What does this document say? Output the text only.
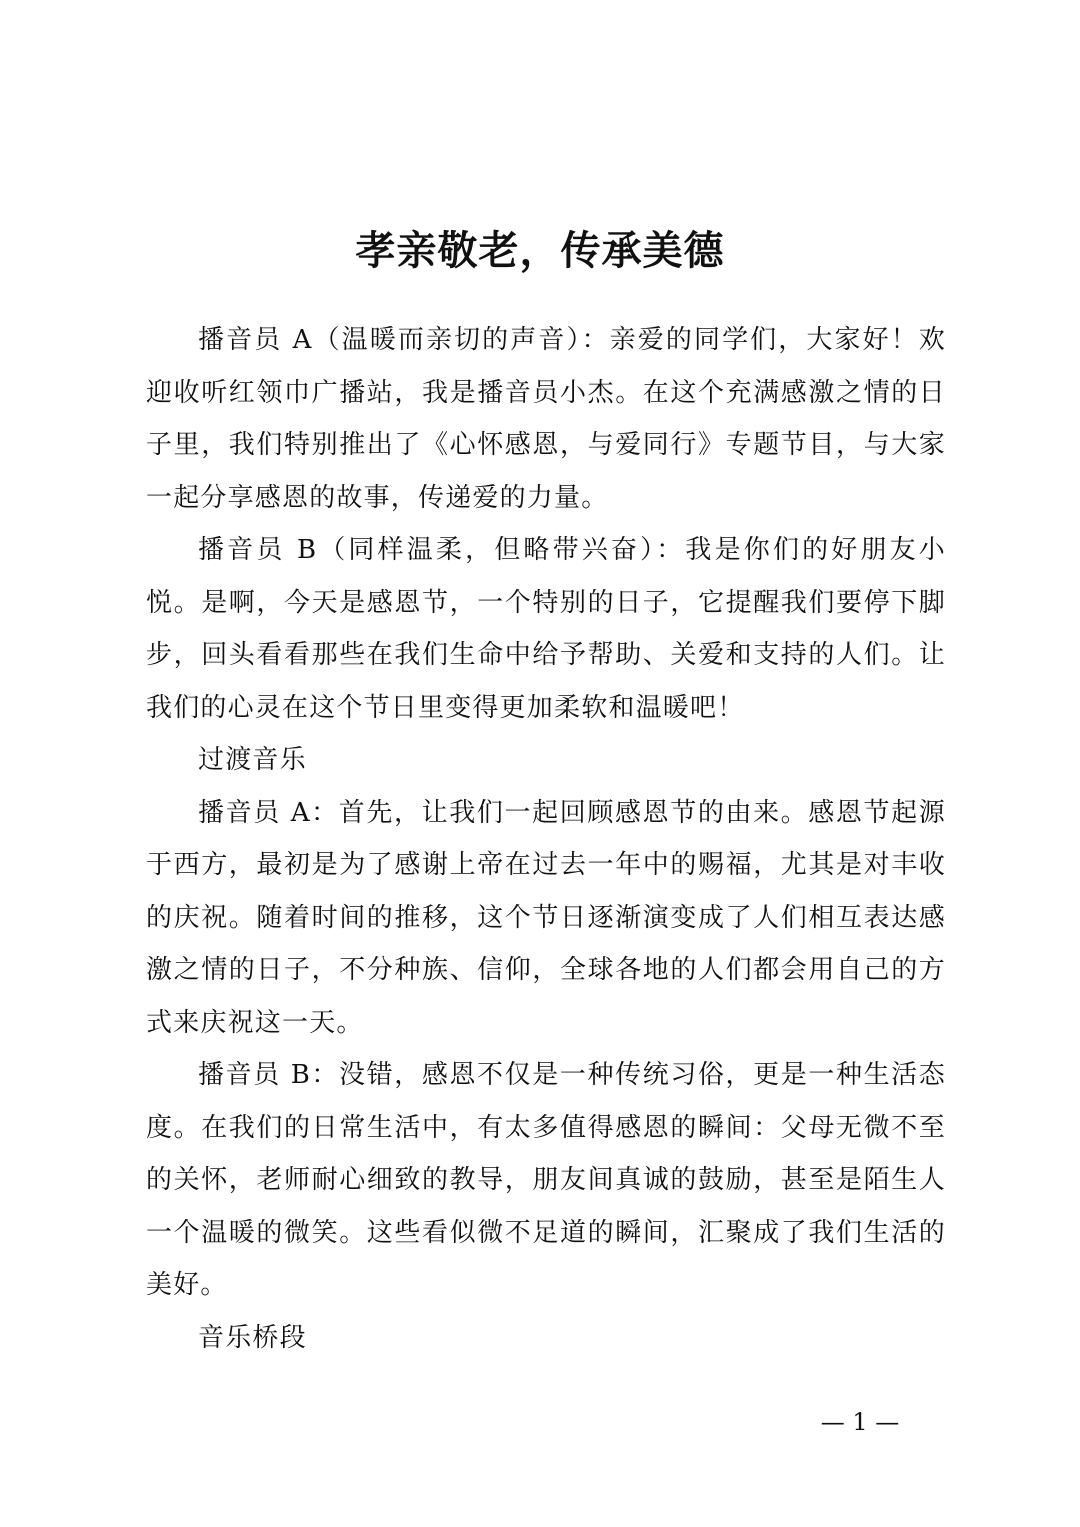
孝亲敬老，传承美德

播音员 A（温暖而亲切的声音）：亲爱的同学们，大家好！欢迎收听红领巾广播站，我是播音员小杰。在这个充满感激之情的日子里，我们特别推出了《心怀感恩，与爱同行》专题节目，与大家一起分享感恩的故事，传递爱的力量。

播音员 B（同样温柔，但略带兴奋）：我是你们的好朋友小悦。是啊，今天是感恩节，一个特别的日子，它提醒我们要停下脚步，回头看看那些在我们生命中给予帮助、关爱和支持的人们。让我们的心灵在这个节日里变得更加柔软和温暖吧！

过渡音乐

播音员 A：首先，让我们一起回顾感恩节的由来。感恩节起源于西方，最初是为了感谢上帝在过去一年中的赐福，尤其是对丰收的庆祝。随着时间的推移，这个节日逐渐演变成了人们相互表达感激之情的日子，不分种族、信仰，全球各地的人们都会用自己的方式来庆祝这一天。

播音员 B：没错，感恩不仅是一种传统习俗，更是一种生活态度。在我们的日常生活中，有太多值得感恩的瞬间：父母无微不至的关怀，老师耐心细致的教导，朋友间真诚的鼓励，甚至是陌生人一个温暖的微笑。这些看似微不足道的瞬间，汇聚成了我们生活的美好。

音乐桥段

— 1 —
